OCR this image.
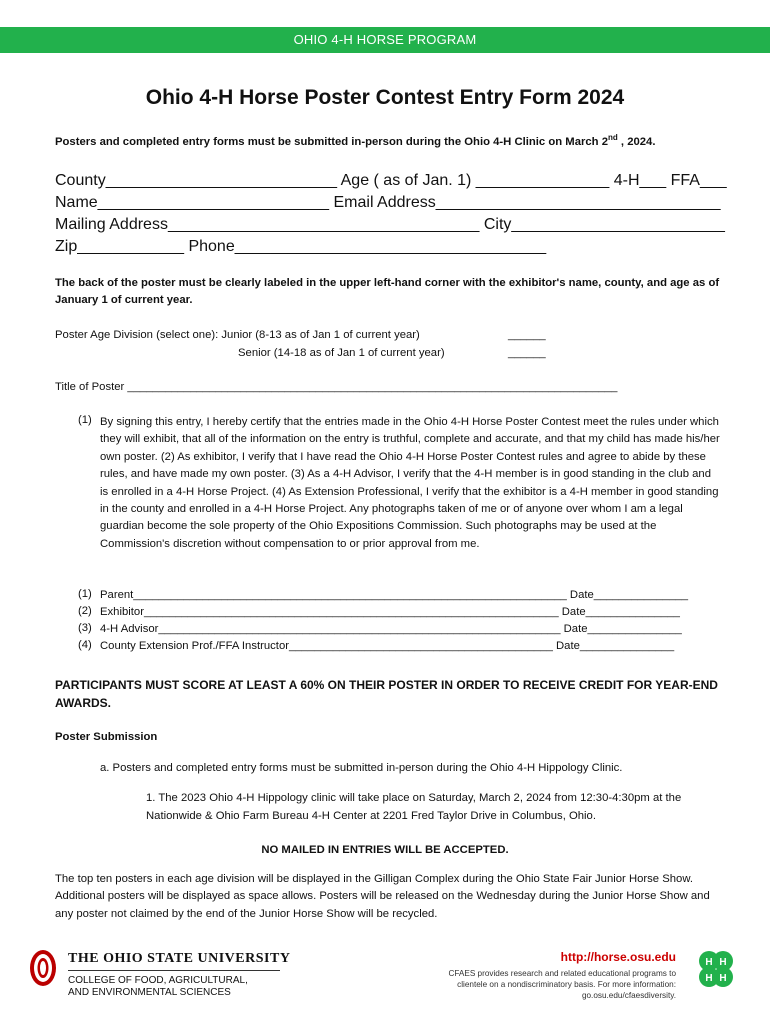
OHIO 4-H HORSE PROGRAM
Ohio 4-H Horse Poster Contest Entry Form 2024
Posters and completed entry forms must be submitted in-person during the Ohio 4-H Clinic on March 2nd , 2024.
County__________________________ Age ( as of Jan. 1) _______________ 4-H___ FFA___
Name__________________________ Email Address________________________________
Mailing Address___________________________________ City________________________
Zip____________ Phone___________________________________
The back of the poster must be clearly labeled in the upper left-hand corner with the exhibitor's name, county, and age as of January 1 of current year.
Poster Age Division (select one): Junior (8-13 as of Jan 1 of current year)
Senior (14-18 as of Jan 1 of current year)
______
______
Title of Poster ______________________________________________________________________________
(1) By signing this entry, I hereby certify that the entries made in the Ohio 4-H Horse Poster Contest meet the rules under which they will exhibit, that all of the information on the entry is truthful, complete and accurate, and that my child has made his/her own poster. (2) As exhibitor, I verify that I have read the Ohio 4-H Horse Poster Contest rules and agree to abide by these rules, and have made my own poster. (3) As a 4-H Advisor, I verify that the 4-H member is in good standing in the club and is enrolled in a 4-H Horse Project. (4) As Extension Professional, I verify that the exhibitor is a 4-H member in good standing in the county and enrolled in a 4-H Horse Project. Any photographs taken of me or of anyone over whom I am a legal guardian become the sole property of the Ohio Expositions Commission. Such photographs may be used at the Commission's discretion without compensation to or prior approval from me.
(1) Parent_____________________________________________________________________ Date_______________
(2) Exhibitor__________________________________________________________________ Date_______________
(3) 4-H Advisor________________________________________________________________ Date_______________
(4) County Extension Prof./FFA Instructor__________________________________________ Date_______________
PARTICIPANTS MUST SCORE AT LEAST A 60% ON THEIR POSTER IN ORDER TO RECEIVE CREDIT FOR YEAR-END AWARDS.
Poster Submission
a. Posters and completed entry forms must be submitted in-person during the Ohio 4-H Hippology Clinic.
1. The 2023 Ohio 4-H Hippology clinic will take place on Saturday, March 2, 2024 from 12:30-4:30pm at the Nationwide & Ohio Farm Bureau 4-H Center at 2201 Fred Taylor Drive in Columbus, Ohio.
NO MAILED IN ENTRIES WILL BE ACCEPTED.
The top ten posters in each age division will be displayed in the Gilligan Complex during the Ohio State Fair Junior Horse Show. Additional posters will be displayed as space allows. Posters will be released on the Wednesday during the Junior Horse Show and any poster not claimed by the end of the Junior Horse Show will be recycled.
THE OHIO STATE UNIVERSITY
COLLEGE OF FOOD, AGRICULTURAL,
AND ENVIRONMENTAL SCIENCES
http://horse.osu.edu
CFAES provides research and related educational programs to clientele on a nondiscriminatory basis. For more information: go.osu.edu/cfaesdiversity.
H H
H H
